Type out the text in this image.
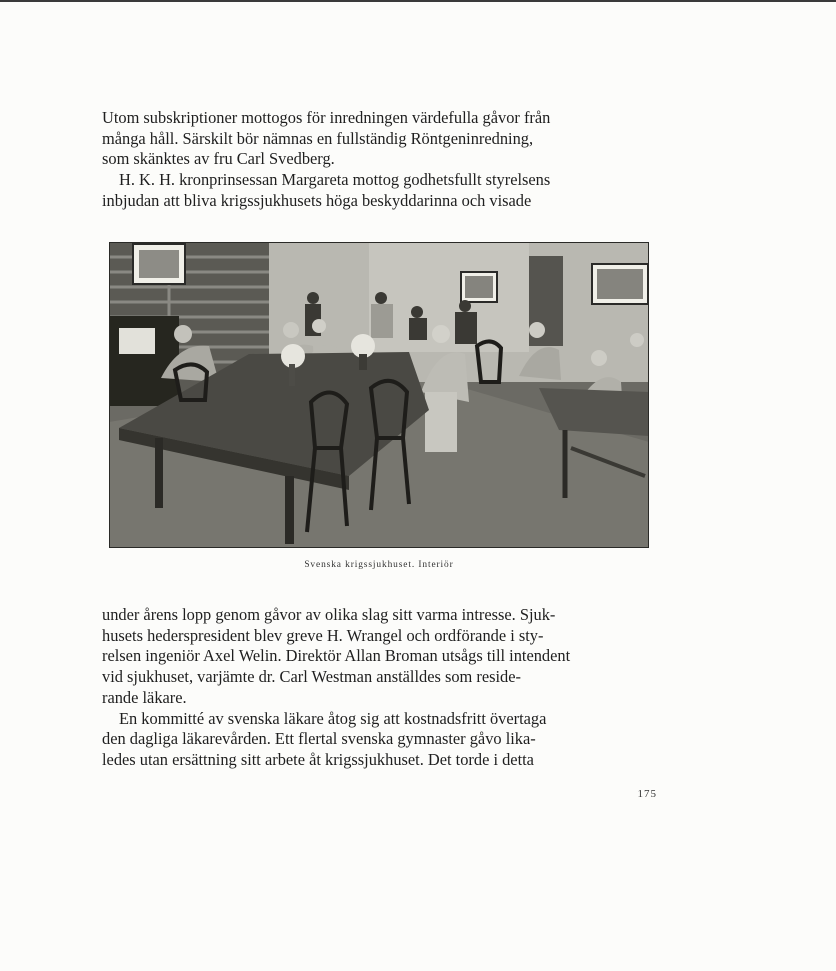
Utom subskriptioner mottogos för inredningen värdefulla gåvor från
många håll. Särskilt bör nämnas en fullständig Röntgeninredning,
som skänktes av fru Carl Svedberg.

H. K. H. kronprinsessan Margareta mottog godhetsfullt styrelsens
inbjudan att bliva krigssjukhusets höga beskyddarinna och visade

Svenska krigssjukhuset. Interiör

under årens lopp genom gåvor av olika slag sitt varma intresse. Sjuk-
husets hederspresident blev greve H. Wrangel och ordförande i sty-
relsen ingeniör Axel Welin. Direktör Allan Broman utsågs till intendent
vid sjukhuset, varjämte dr. Carl Westman anställdes som reside-
rande läkare.

En kommitté av svenska läkare åtog sig att kostnadsfritt övertaga
den dagliga läkarevården. Ett flertal svenska gymnaster gåvo lika-
ledes utan ersättning sitt arbete åt krigssjukhuset. Det torde i detta

175
